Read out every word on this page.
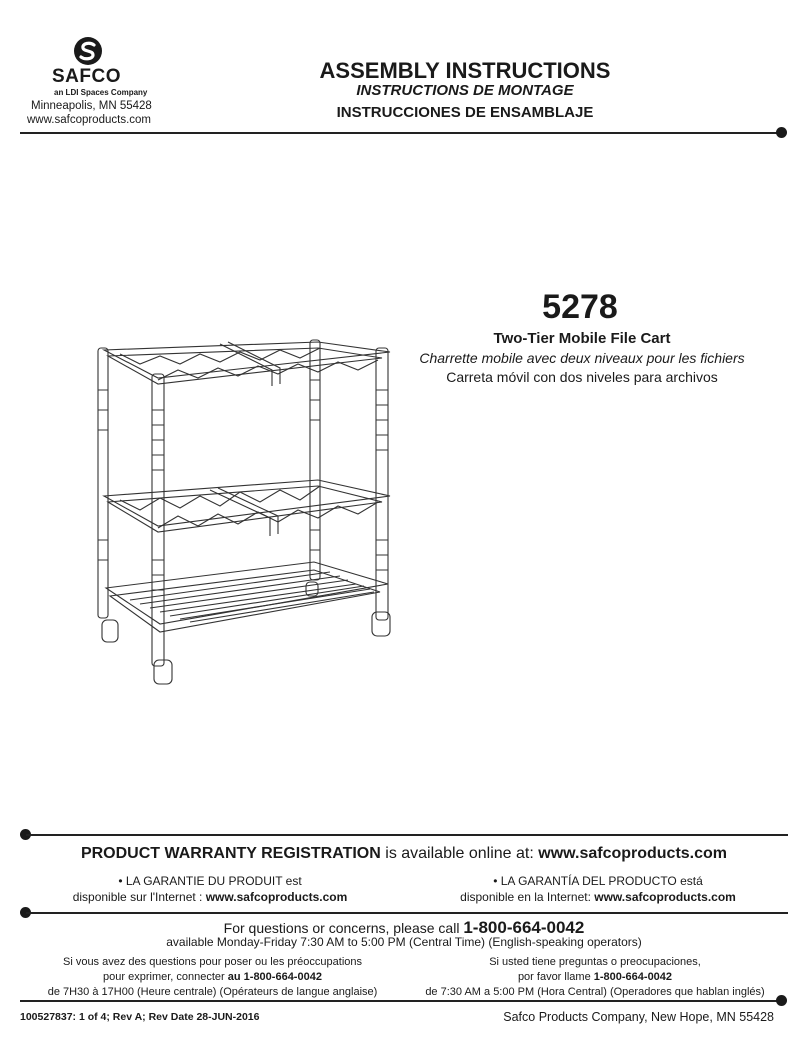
SAFCO
an LDI Spaces Company
Minneapolis, MN 55428
www.safcoproducts.com
ASSEMBLY INSTRUCTIONS
INSTRUCTIONS DE MONTAGE
INSTRUCCIONES DE ENSAMBLAJE
5278
Two-Tier Mobile File Cart
Charrette mobile avec deux niveaux pour les fichiers
Carreta móvil con dos niveles para archivos
PRODUCT WARRANTY REGISTRATION is available online at: www.safcoproducts.com
• LA GARANTIE DU PRODUIT est
disponible sur l'Internet : www.safcoproducts.com
• LA GARANTÍA DEL PRODUCTO está
disponible en la Internet: www.safcoproducts.com
For questions or concerns, please call 1-800-664-0042
available Monday-Friday 7:30 AM to 5:00 PM (Central Time) (English-speaking operators)
Si vous avez des questions pour poser ou les préoccupations
pour exprimer, connecter au 1-800-664-0042
de 7H30 à 17H00 (Heure centrale) (Opérateurs de langue anglaise)
Si usted tiene preguntas o preocupaciones,
por favor llame 1-800-664-0042
de 7:30 AM a 5:00 PM (Hora Central) (Operadores que hablan inglés)
100527837: 1 of 4; Rev A; Rev Date 28-JUN-2016	Safco Products Company, New Hope, MN 55428
